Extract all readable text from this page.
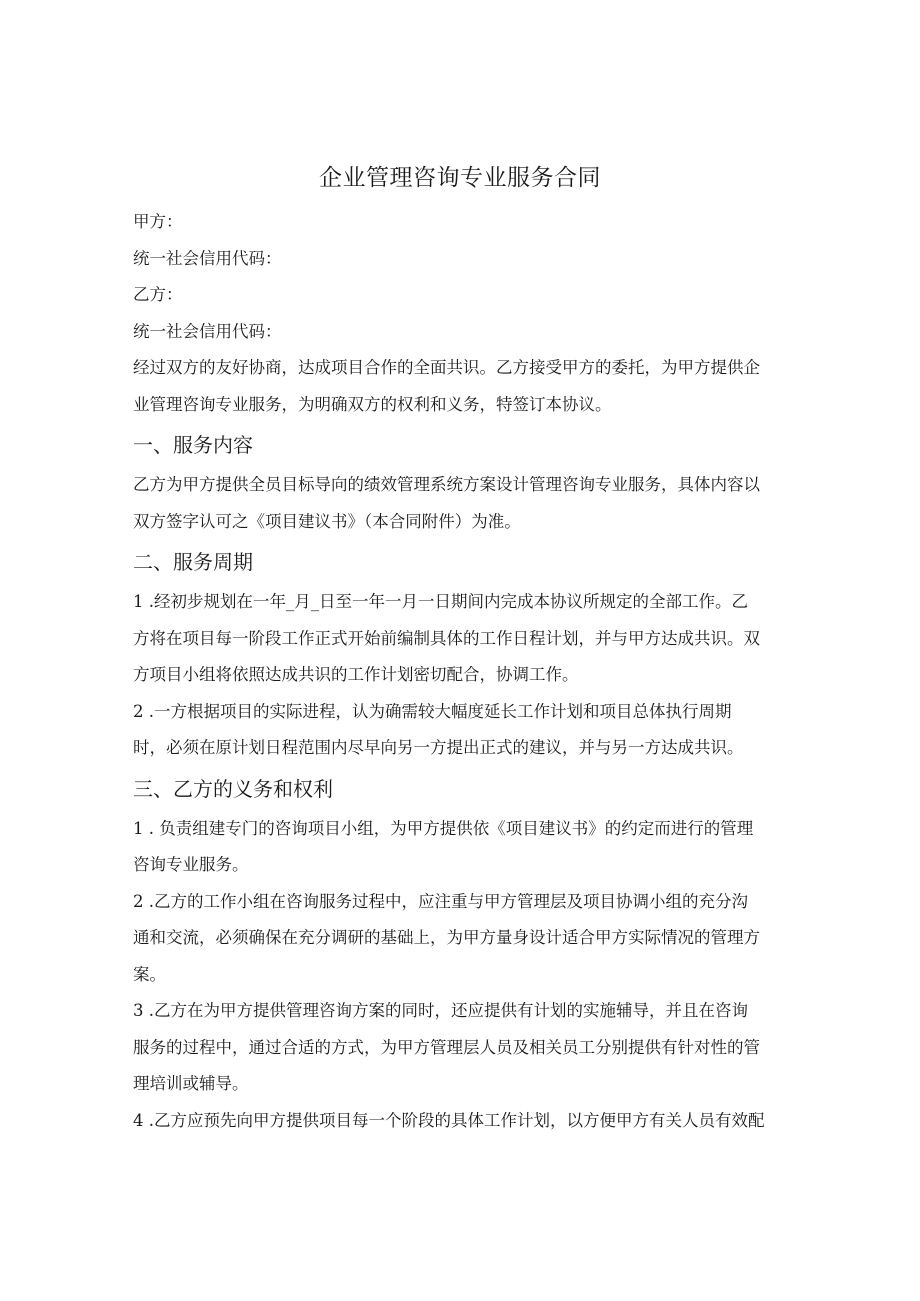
企业管理咨询专业服务合同
甲方：
统一社会信用代码：
乙方：
统一社会信用代码：
经过双方的友好协商，达成项目合作的全面共识。乙方接受甲方的委托，为甲方提供企
业管理咨询专业服务，为明确双方的权利和义务，特签订本协议。
一、服务内容
乙方为甲方提供全员目标导向的绩效管理系统方案设计管理咨询专业服务，具体内容以
双方签字认可之《项目建议书》（本合同附件）为准。
二、服务周期
1 .经初步规划在一年_月_日至一年一月一日期间内完成本协议所规定的全部工作。乙
方将在项目每一阶段工作正式开始前编制具体的工作日程计划，并与甲方达成共识。双
方项目小组将依照达成共识的工作计划密切配合，协调工作。
2 .一方根据项目的实际进程，认为确需较大幅度延长工作计划和项目总体执行周期
时，必须在原计划日程范围内尽早向另一方提出正式的建议，并与另一方达成共识。
三、乙方的义务和权利
1 . 负责组建专门的咨询项目小组，为甲方提供依《项目建议书》的约定而进行的管理
咨询专业服务。
2 .乙方的工作小组在咨询服务过程中，应注重与甲方管理层及项目协调小组的充分沟
通和交流，必须确保在充分调研的基础上，为甲方量身设计适合甲方实际情况的管理方
案。
3 .乙方在为甲方提供管理咨询方案的同时，还应提供有计划的实施辅导，并且在咨询
服务的过程中，通过合适的方式，为甲方管理层人员及相关员工分别提供有针对性的管
理培训或辅导。
4 .乙方应预先向甲方提供项目每一个阶段的具体工作计划，以方便甲方有关人员有效配
